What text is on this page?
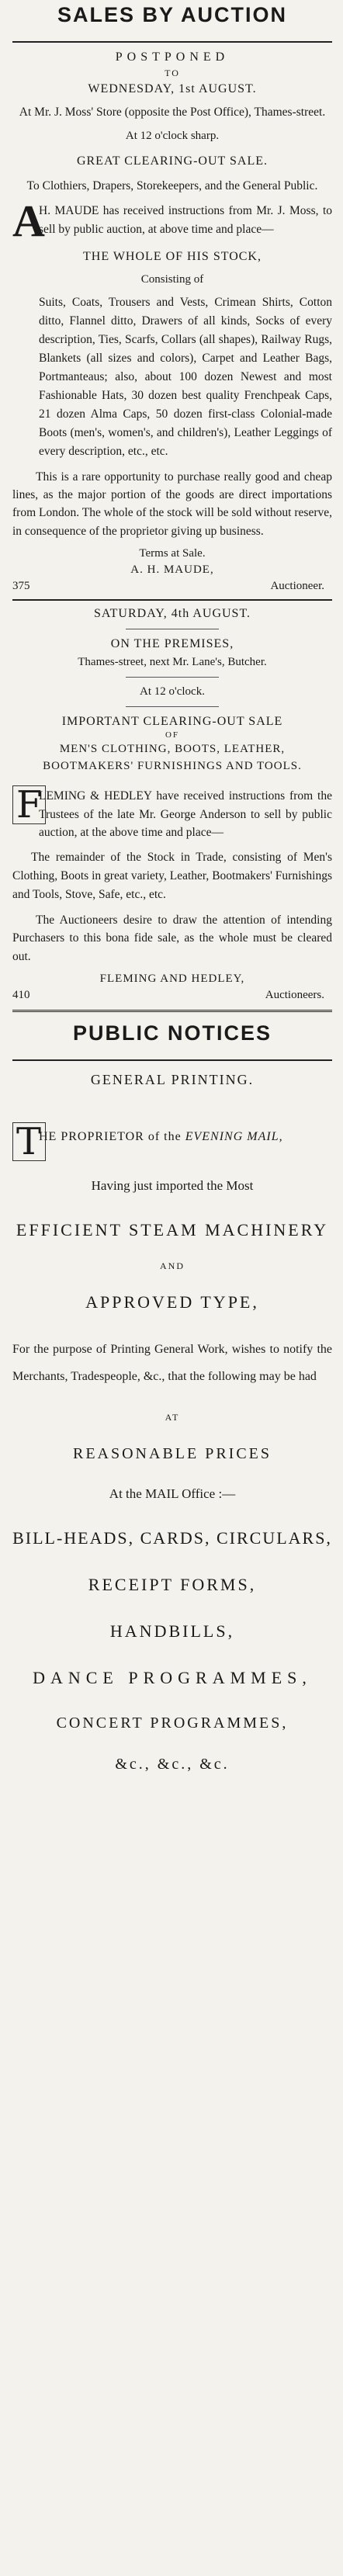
SALES BY AUCTION

POSTPONED

TO

WEDNESDAY, 1st AUGUST.

At Mr. J. Moss' Store (opposite the Post Office), Thames-street.

At 12 o'clock sharp.

GREAT CLEARING-OUT SALE.

To Clothiers, Drapers, Storekeepers, and the General Public.

A
H. MAUDE has received instructions from Mr. J. Moss, to sell by public auction, at above time and place—

THE WHOLE OF HIS STOCK,

Consisting of

Suits, Coats, Trousers and Vests, Crimean Shirts, Cotton ditto, Flannel ditto, Drawers of all kinds, Socks of every description, Ties, Scarfs, Collars (all shapes), Railway Rugs, Blankets (all sizes and colors), Carpet and Leather Bags, Portmanteaus; also, about 100 dozen Newest and most Fashionable Hats, 30 dozen best quality Frenchpeak Caps, 21 dozen Alma Caps, 50 dozen first-class Colonial-made Boots (men's, women's, and children's), Leather Leggings of every description, etc., etc.

This is a rare opportunity to purchase really good and cheap lines, as the major portion of the goods are direct importations from London. The whole of the stock will be sold without reserve, in consequence of the proprietor giving up business.

Terms at Sale.

A. H. MAUDE,

375	Auctioneer.

SATURDAY, 4th AUGUST.

ON THE PREMISES,

Thames-street, next Mr. Lane's, Butcher.

At 12 o'clock.

IMPORTANT CLEARING-OUT SALE

OF

MEN'S CLOTHING, BOOTS, LEATHER, BOOTMAKERS' FURNISHINGS AND TOOLS.

F
LEMING & HEDLEY have received instructions from the Trustees of the late Mr. George Anderson to sell by public auction, at the above time and place—

The remainder of the Stock in Trade, consisting of Men's Clothing, Boots in great variety, Leather, Bootmakers' Furnishings and Tools, Stove, Safe, etc., etc.

The Auctioneers desire to draw the attention of intending Purchasers to this bona fide sale, as the whole must be cleared out.

FLEMING AND HEDLEY,

410	Auctioneers.
PUBLIC NOTICES

GENERAL PRINTING.

T
HE PROPRIETOR of the EVENING MAIL,

Having just imported the Most

EFFICIENT STEAM MACHINERY

AND

APPROVED TYPE,

For the purpose of Printing General Work, wishes to notify the Merchants, Tradespeople, &c., that the following may be had

AT

REASONABLE PRICES

At the MAIL Office :—

BILL-HEADS, CARDS, CIRCULARS,

RECEIPT FORMS,

HANDBILLS,

DANCE PROGRAMMES,

CONCERT PROGRAMMES,

&c., &c., &c.
